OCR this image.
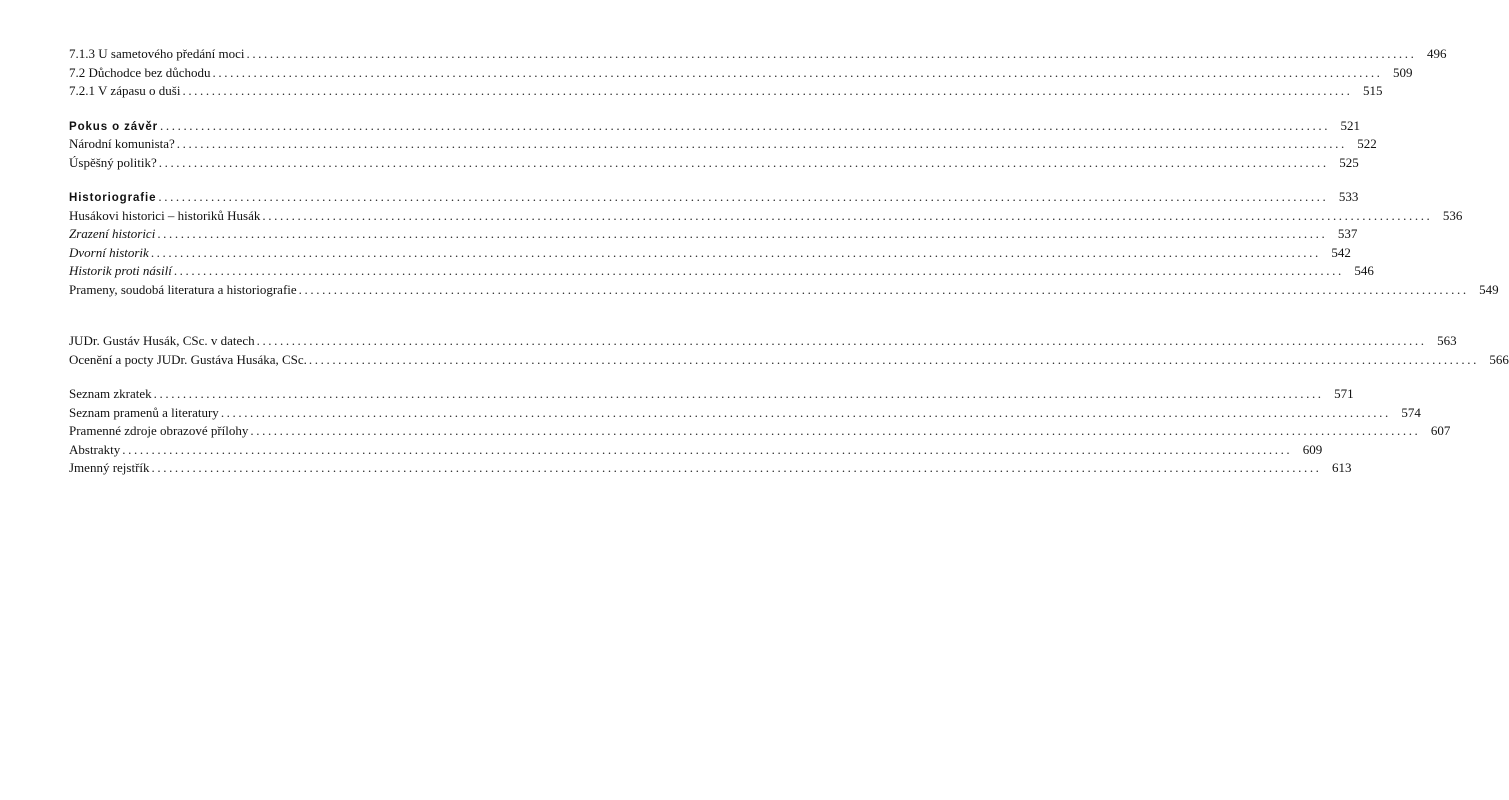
7.1.3 U sametového předání moci ........................................................................................................................................................................................................ 496
7.2 Důchodce bez důchodu ........................................................................................................................................................................................................ 509
7.2.1 V zápasu o duši ........................................................................................................................................................................................................ 515
Pokus o závěr ........................................................................................................................................................................................................ 521
Národní komunista? ........................................................................................................................................................................................................ 522
Úspěšný politik? ........................................................................................................................................................................................................ 525
Historiografie ........................................................................................................................................................................................................ 533
Husákovi historici – historiků Husák ........................................................................................................................................................................................................ 536
Zrazení historici ........................................................................................................................................................................................................ 537
Dvorní historik ........................................................................................................................................................................................................ 542
Historik proti násilí ........................................................................................................................................................................................................ 546
Prameny, soudobá literatura a historiografie ........................................................................................................................................................................................................ 549
JUDr. Gustáv Husák, CSc. v datech ........................................................................................................................................................................................................ 563
Ocenění a pocty JUDr. Gustáva Husáka, CSc. ........................................................................................................................................................................................................ 566
Seznam zkratek ........................................................................................................................................................................................................ 571
Seznam pramenů a literatury ........................................................................................................................................................................................................ 574
Pramenné zdroje obrazové přílohy ........................................................................................................................................................................................................ 607
Abstrakty ........................................................................................................................................................................................................ 609
Jmenný rejstřík ........................................................................................................................................................................................................ 613
